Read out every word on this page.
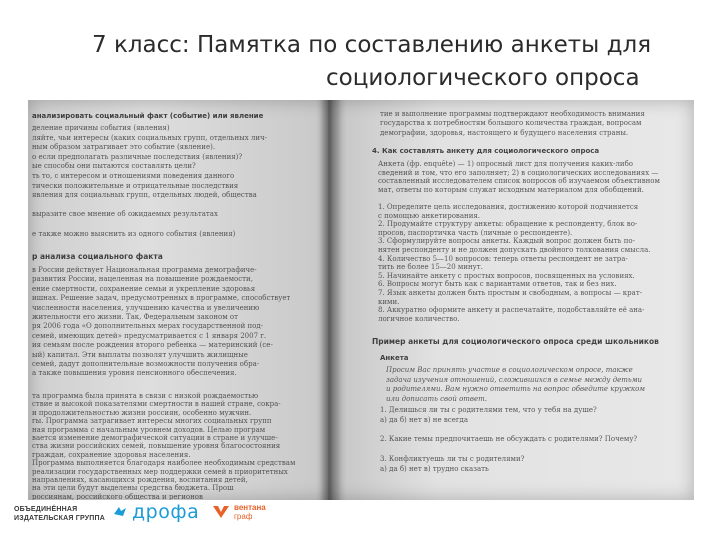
7 класс: Памятка по составлению анкеты для
социологического опроса
анализировать социальный факт (событие) или явление
деление причины события (явления)
ляйте, чьи интересы (каких социальных групп, отдельных лич-
ным образом затрагивает это событие (явление).
о если предполагать различные последствия (явления)?
ые способы они пытаются составлять цели?
ть то, с интересом и отношениями поведения данного
тически положительные и отрицательные последствия
явления для социальных групп, отдельных людей, общества
выразите свое мнение об ожидаемых результатах
е также можно выяснить из одного события (явления)
р анализа социального факта
в России действует Национальная программа демографиче-
развития России, нацеленная на повышение рождаемости,
ение смертности, сохранение семьи и укрепление здоровья
ишнах. Решение задач, предусмотренных в программе, способствует
численности населения, улучшению качества и увеличению
жительности его жизни. Так, Федеральным законом от
ря 2006 года «О дополнительных мерах государственной под-
семей, имеющих детей» предусматривается с 1 января 2007 г.
ия семьям после рождения второго ребенка — материнский (се-
ый) капитал. Эти выплаты позволят улучшить жилищные
семей, дадут дополнительные возможности получения обра-
а также повышения уровня пенсионного обеспечения.
та программа была принята в связи с низкой рождаемостью
ствие и высокой показателями смертности в нашей стране, сокра-
и продолжительностью жизни россиян, особенно мужчин.
гы. Программа затрагивает интересы многих социальных групп
ная программа с начальным уровнем доходов. Целью програм
вается изменение демографической ситуации в стране и улучше-
ства жизни российских семей, повышение уровня благосостояния
граждан, сохранение здоровья населения.
Программа выполняется благодаря наиболее необходимым средствам
реализации государственных мер поддержки семей в приоритетных
направлениях, касающихся рождения, воспитания детей,
на эти цели будут выделены средства бюджета. Прош
россиянам, российского общества и регионов
тие и выполнение программы подтверждают необходимость внимания
государства к потребностям большого количества граждан, вопросам
демографии, здоровья, настоящего и будущего населения страны.
4. Как составлять анкету для социологического опроса
Анкета (фр. enquête) — 1) опросный лист для получения каких-либо
сведений и том, что его заполняет; 2) в социологических исследованиях —
составленный исследователем список вопросов об изучаемом объективном
мат, ответы по которым служат исходным материалом для обобщений.
1. Определите цель исследования, достижению которой подчиняется
с помощью анкетирования.
2. Продумайте структуру анкеты: обращение к респонденту, блок во-
просов, паспортичка часть (личные о респонденте).
3. Сформулируйте вопросы анкеты. Каждый вопрос должен быть по-
нятен респонденту и не должен допускать двойного толкования смысла.
4. Количество 5—10 вопросов: теперь ответы респондент не затра-
тить не более 15—20 минут.
5. Начинайте анкету с простых вопросов, посвященных на условиях.
6. Вопросы могут быть как с вариантами ответов, так и без них.
7. Язык анкеты должен быть простым и свободным, а вопросы — крат-
кими.
8. Аккуратно оформите анкету и распечатайте, подобставляйте её ана-
логичное количество.
Пример анкеты для социологического опроса среди школьников
Анкета
Просим Вас принять участие в социологическом опросе, также
задача изучения отношений, сложившихся в семье между детьми
и родителями. Вам нужно ответить на вопрос обведите кружком
или дописать свой ответ.
1. Делишься ли ты с родителями тем, что у тебя на душе?
а) да б) нет в) не всегда
2. Какие темы предпочитаешь не обсуждать с родителями? Почему?
3. Конфликтуешь ли ты с родителями?
а) да б) нет в) трудно сказать
ОБЪЕДИНЁННАЯ
ИЗДАТЕЛЬСКАЯ ГРУППА дрофа	вентана
граф
